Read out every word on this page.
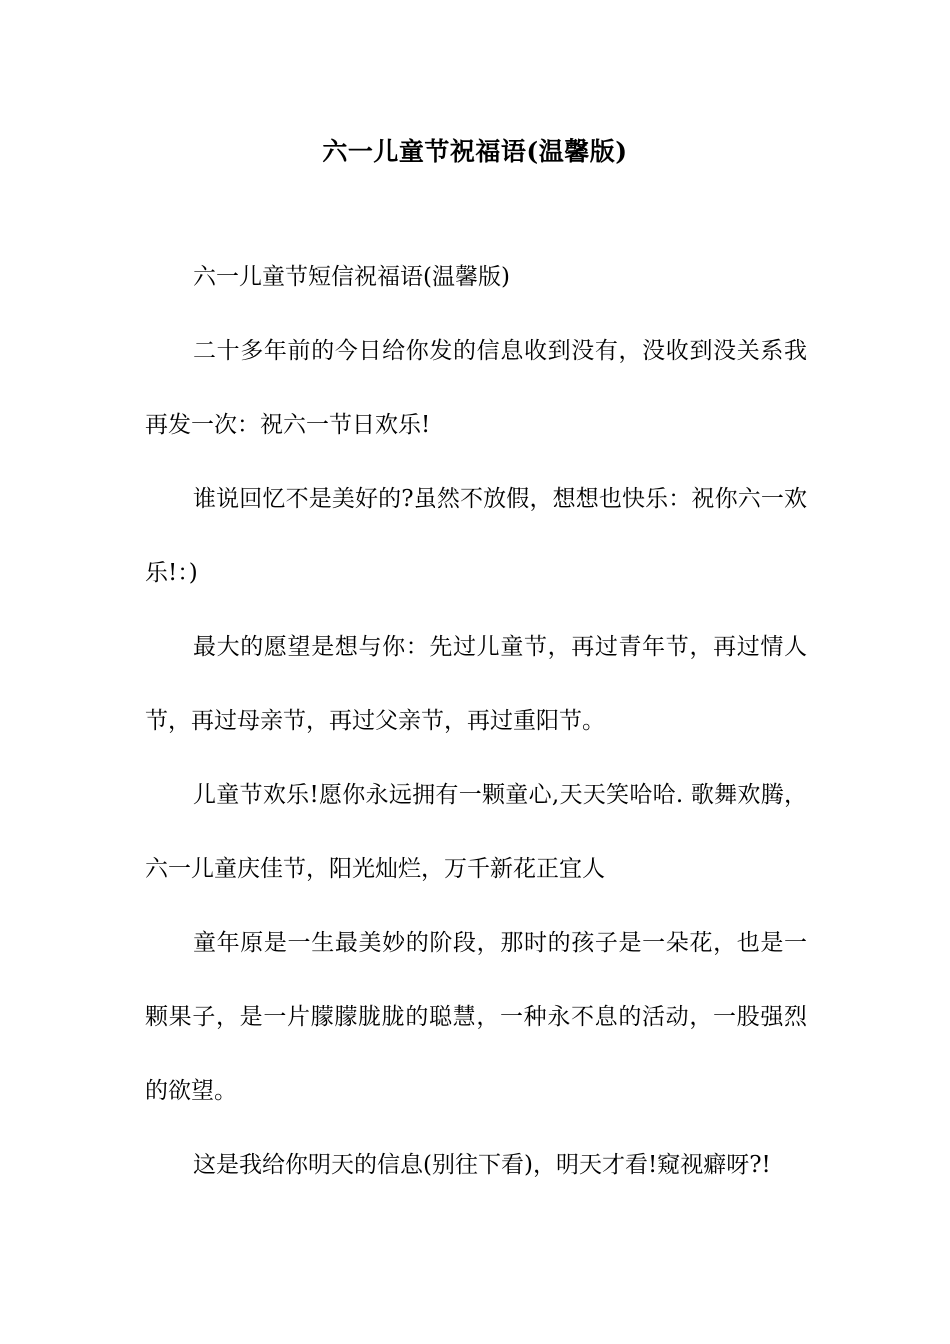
六一儿童节祝福语(温馨版)

六一儿童节短信祝福语(温馨版)

二十多年前的今日给你发的信息收到没有，没收到没关系我再发一次：祝六一节日欢乐!

谁说回忆不是美好的?虽然不放假，想想也快乐：祝你六一欢乐!：)

最大的愿望是想与你：先过儿童节，再过青年节，再过情人节，再过母亲节，再过父亲节，再过重阳节。

儿童节欢乐!愿你永远拥有一颗童心,天天笑哈哈. 歌舞欢腾，六一儿童庆佳节，阳光灿烂，万千新花正宜人

童年原是一生最美妙的阶段，那时的孩子是一朵花，也是一颗果子，是一片朦朦胧胧的聪慧，一种永不息的活动，一股强烈的欲望。

这是我给你明天的信息(别往下看)，明天才看!窥视癖呀?!
